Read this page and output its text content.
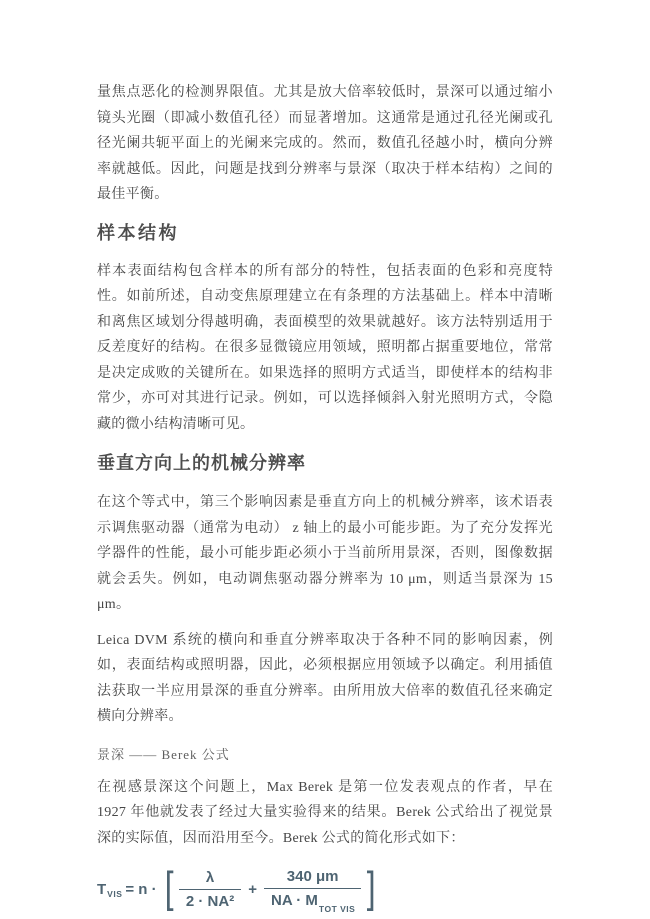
量焦点恶化的检测界限值。尤其是放大倍率较低时，景深可以通过缩小镜头光圈（即减小数值孔径）而显著增加。这通常是通过孔径光阑或孔径光阑共轭平面上的光阑来完成的。然而，数值孔径越小时，横向分辨率就越低。因此，问题是找到分辨率与景深（取决于样本结构）之间的最佳平衡。

样本结构

样本表面结构包含样本的所有部分的特性，包括表面的色彩和亮度特性。如前所述，自动变焦原理建立在有条理的方法基础上。样本中清晰和离焦区域划分得越明确，表面模型的效果就越好。该方法特别适用于反差度好的结构。在很多显微镜应用领域，照明都占据重要地位，常常是决定成败的关键所在。如果选择的照明方式适当，即使样本的结构非常少，亦可对其进行记录。例如，可以选择倾斜入射光照明方式，令隐藏的微小结构清晰可见。

垂直方向上的机械分辨率

在这个等式中，第三个影响因素是垂直方向上的机械分辨率，该术语表示调焦驱动器（通常为电动） z 轴上的最小可能步距。为了充分发挥光学器件的性能，最小可能步距必须小于当前所用景深，否则，图像数据就会丢失。例如，电动调焦驱动器分辨率为 10 μm，则适当景深为 15 μm。

Leica DVM 系统的横向和垂直分辨率取决于各种不同的影响因素，例如，表面结构或照明器，因此，必须根据应用领域予以确定。利用插值法获取一半应用景深的垂直分辨率。由所用放大倍率的数值孔径来确定横向分辨率。

景深 —— Berek 公式

在视感景深这个问题上，Max Berek 是第一位发表观点的作者，早在 1927 年他就发表了经过大量实验得来的结果。Berek 公式给出了视觉景深的实际值，因而沿用至今。Berek 公式的简化形式如下：

$T_{VIS} = n$ · [ $\frac{\lambda}{\text{2 · NA²}} + \frac{340 \mu m}{NA \cdot M_{TOT VIS}}$ ]
